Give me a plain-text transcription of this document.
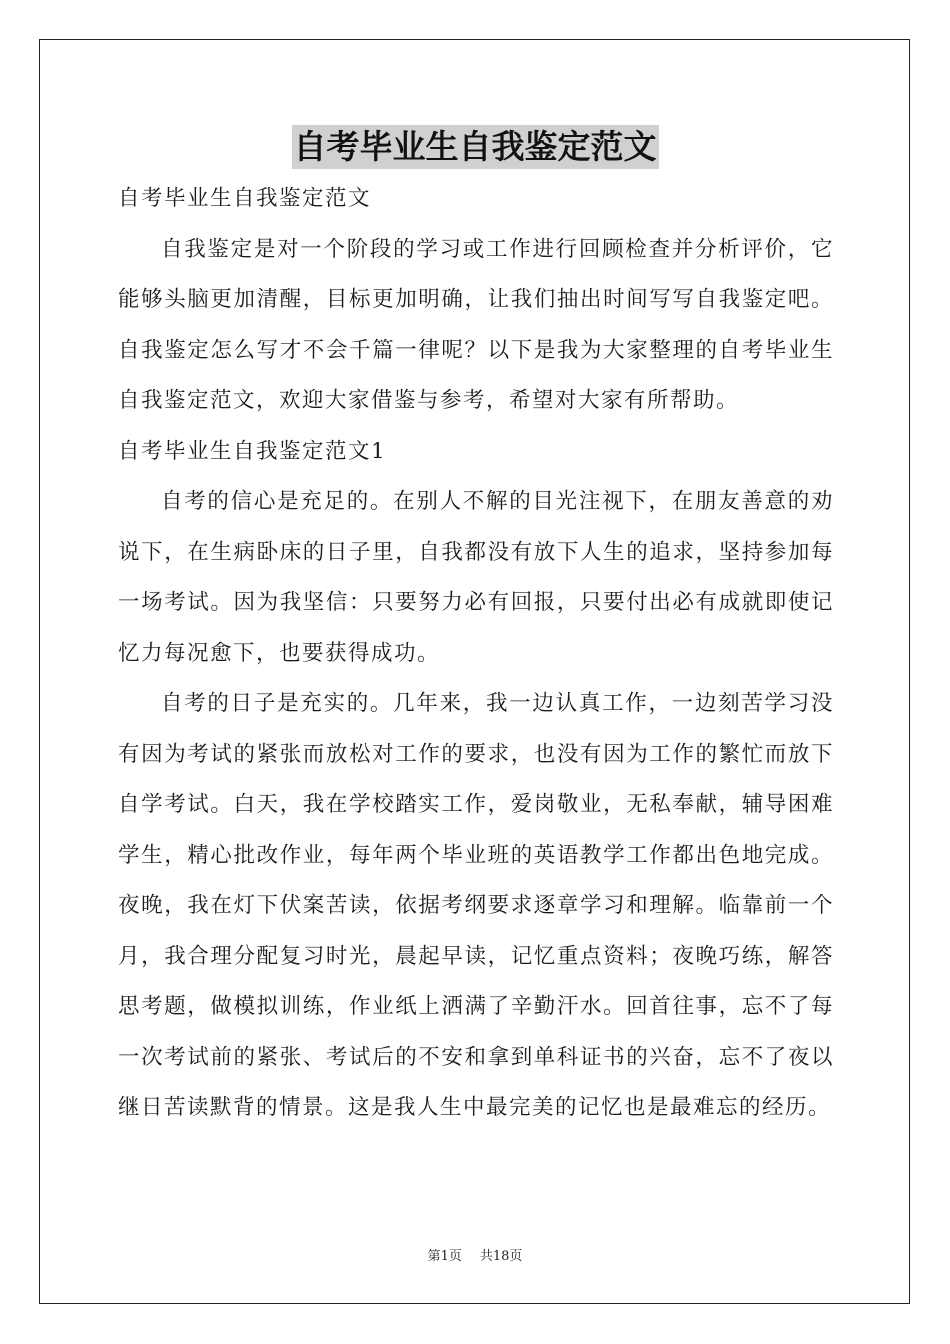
自考毕业生自我鉴定范文

自考毕业生自我鉴定范文

自我鉴定是对一个阶段的学习或工作进行回顾检查并分析评价，它能够头脑更加清醒，目标更加明确，让我们抽出时间写写自我鉴定吧。自我鉴定怎么写才不会千篇一律呢？以下是我为大家整理的自考毕业生自我鉴定范文，欢迎大家借鉴与参考，希望对大家有所帮助。

自考毕业生自我鉴定范文1

自考的信心是充足的。在别人不解的目光注视下，在朋友善意的劝说下，在生病卧床的日子里，自我都没有放下人生的追求，坚持参加每一场考试。因为我坚信：只要努力必有回报，只要付出必有成就即使记忆力每况愈下，也要获得成功。

自考的日子是充实的。几年来，我一边认真工作，一边刻苦学习没有因为考试的紧张而放松对工作的要求，也没有因为工作的繁忙而放下自学考试。白天，我在学校踏实工作，爱岗敬业，无私奉献，辅导困难学生，精心批改作业，每年两个毕业班的英语教学工作都出色地完成。夜晚，我在灯下伏案苦读，依据考纲要求逐章学习和理解。临靠前一个月，我合理分配复习时光，晨起早读，记忆重点资料；夜晚巧练，解答思考题，做模拟训练，作业纸上洒满了辛勤汗水。回首往事，忘不了每一次考试前的紧张、考试后的不安和拿到单科证书的兴奋，忘不了夜以继日苦读默背的情景。这是我人生中最完美的记忆也是最难忘的经历。

第1页 共18页
